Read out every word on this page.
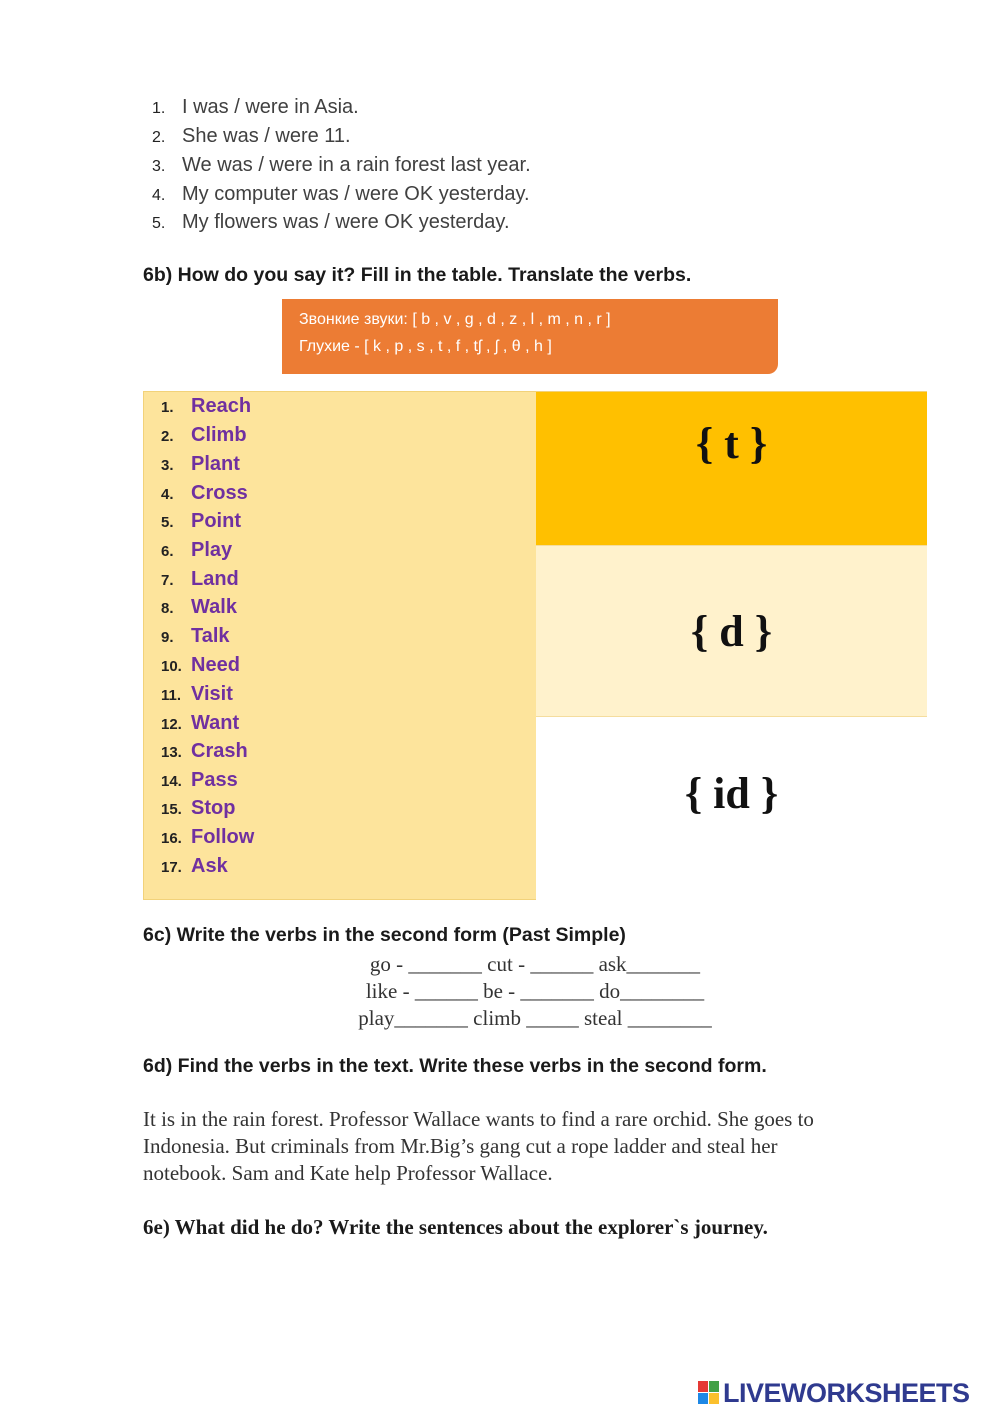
1. I was / were in Asia.
2. She was / were 11.
3. We was / were in a rain forest last year.
4. My computer was / were OK yesterday.
5. My flowers was / were OK yesterday.
6b) How do you say it? Fill in the table. Translate the verbs.
Звонкие звуки: [ b , v , g , d , z , l , m , n , r ]
Глухие - [ k , p , s , t , f , tʃ , ʃ , θ , h ]
1. Reach
2. Climb
3. Plant
4. Cross
5. Point
6. Play
7. Land
8. Walk
9. Talk
10. Need
11. Visit
12. Want
13. Crash
14. Pass
15. Stop
16. Follow
17. Ask
{ t }
{ d }
{ id }
6c) Write the verbs in the second form (Past Simple)
go - _______ cut - ______ ask_______
like - ______ be - _______ do________
play_______ climb _____ steal ________
6d) Find the verbs in the text. Write these verbs in the second form.
It is in the rain forest. Professor Wallace wants to find a rare orchid. She goes to
Indonesia. But criminals from Mr.Big’s gang cut a rope ladder and steal her
notebook. Sam and Kate help Professor Wallace.
6e) What did he do? Write the sentences about the explorer`s journey.
LIVEWORKSHEETS
